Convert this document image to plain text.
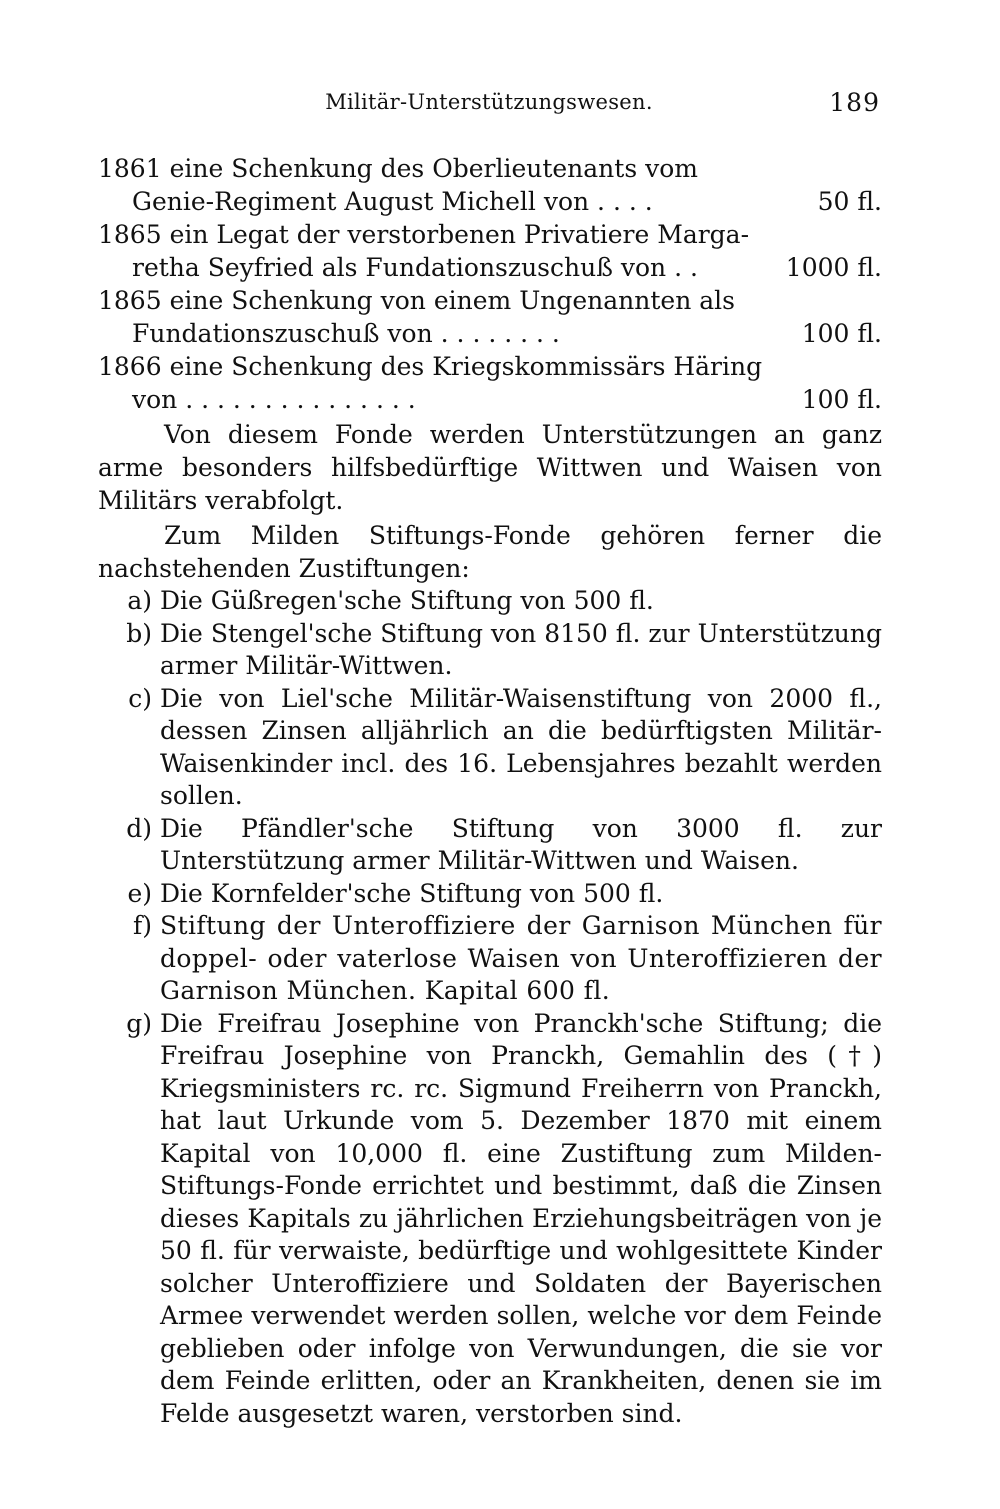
Militär-Unterstützungswesen.	189
1861 eine Schenkung des Oberlieutenants vom
Genie-Regiment August Michell von . . . .	50 fl.
1865 ein Legat der verstorbenen Privatiere Marga-
retha Seyfried als Fundationszuschuß von . .	1000 fl.
1865 eine Schenkung von einem Ungenannten als
Fundationszuschuß von . . . . . . . .	100 fl.
1866 eine Schenkung des Kriegskommissärs Häring
von . . . . . . . . . . . . . . .	100 fl.

Von diesem Fonde werden Unterstützungen an ganz arme besonders hilfsbedürftige Wittwen und Waisen von Militärs verabfolgt.

Zum Milden Stiftungs-Fonde gehören ferner die nachstehenden Zustiftungen:

a) Die Güßregen'sche Stiftung von 500 fl.
b) Die Stengel'sche Stiftung von 8150 fl. zur Unterstützung armer Militär-Wittwen.
c) Die von Liel'sche Militär-Waisenstiftung von 2000 fl., dessen Zinsen alljährlich an die bedürftigsten Militär-Waisenkinder incl. des 16. Lebensjahres bezahlt werden sollen.
d) Die Pfändler'sche Stiftung von 3000 fl. zur Unterstützung armer Militär-Wittwen und Waisen.
e) Die Kornfelder'sche Stiftung von 500 fl.
f) Stiftung der Unteroffiziere der Garnison München für doppel- oder vaterlose Waisen von Unteroffizieren der Garnison München. Kapital 600 fl.
g) Die Freifrau Josephine von Pranckh'sche Stiftung; die Freifrau Josephine von Pranckh, Gemahlin des (†) Kriegsministers rc. rc. Sigmund Freiherrn von Pranckh, hat laut Urkunde vom 5. Dezember 1870 mit einem Kapital von 10,000 fl. eine Zustiftung zum Milden-Stiftungs-Fonde errichtet und bestimmt, daß die Zinsen dieses Kapitals zu jährlichen Erziehungsbeiträgen von je 50 fl. für verwaiste, bedürftige und wohlgesittete Kinder solcher Unteroffiziere und Soldaten der Bayerischen Armee verwendet werden sollen, welche vor dem Feinde geblieben oder infolge von Verwundungen, die sie vor dem Feinde erlitten, oder an Krankheiten, denen sie im Felde ausgesetzt waren, verstorben sind.
